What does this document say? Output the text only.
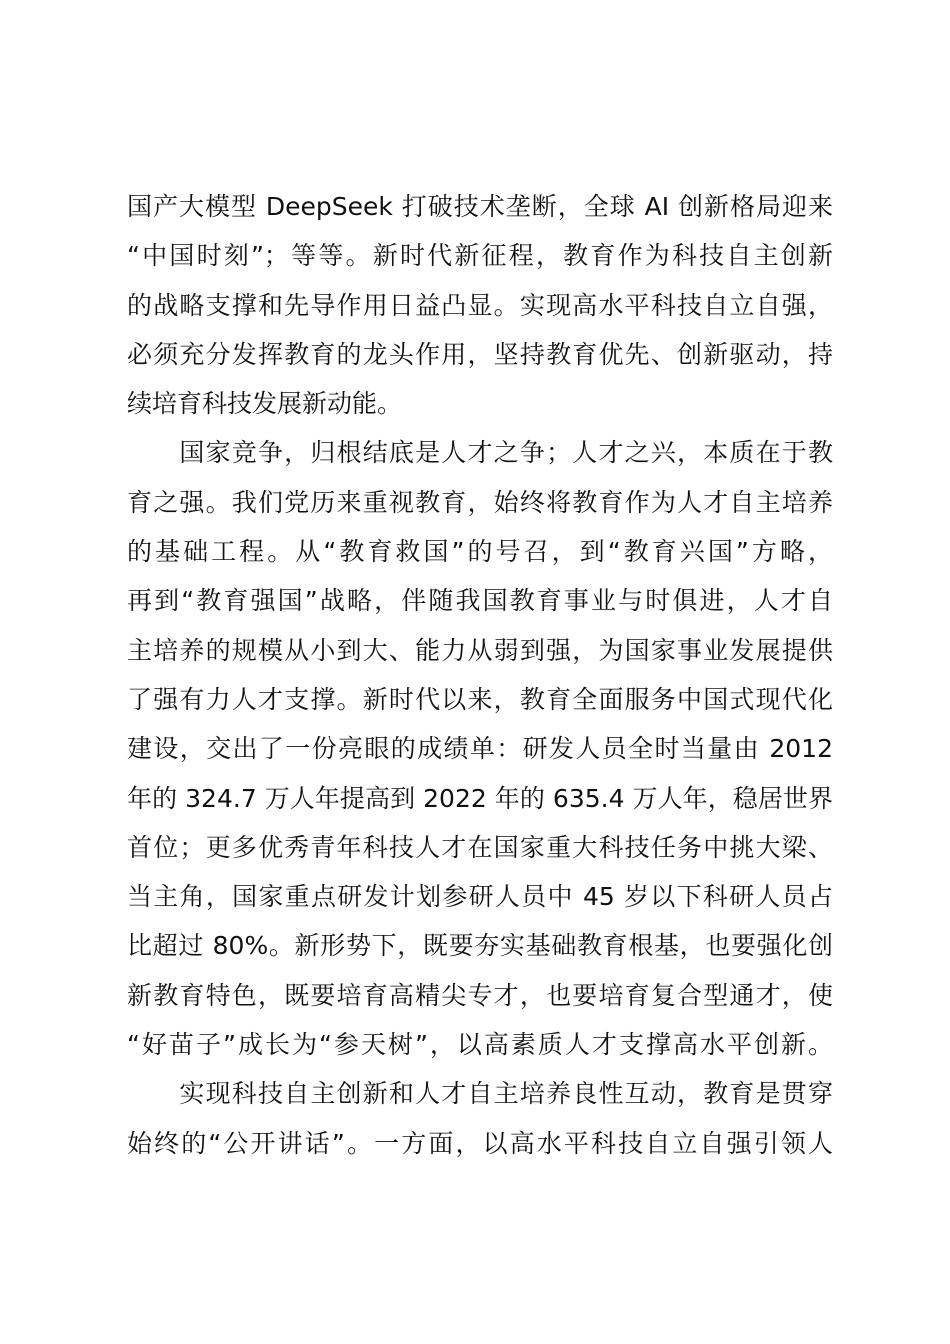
国产大模型 DeepSeek 打破技术垄断，全球 AI 创新格局迎来
“中国时刻”；等等。新时代新征程，教育作为科技自主创新
的战略支撑和先导作用日益凸显。实现高水平科技自立自强，
必须充分发挥教育的龙头作用，坚持教育优先、创新驱动，持
续培育科技发展新动能。
　　国家竞争，归根结底是人才之争；人才之兴，本质在于教
育之强。我们党历来重视教育，始终将教育作为人才自主培养
的基础工程。从“教育救国”的号召，到“教育兴国”方略，
再到“教育强国”战略，伴随我国教育事业与时俱进，人才自
主培养的规模从小到大、能力从弱到强，为国家事业发展提供
了强有力人才支撑。新时代以来，教育全面服务中国式现代化
建设，交出了一份亮眼的成绩单：研发人员全时当量由 2012
年的 324.7 万人年提高到 2022 年的 635.4 万人年，稳居世界
首位；更多优秀青年科技人才在国家重大科技任务中挑大梁、
当主角，国家重点研发计划参研人员中 45 岁以下科研人员占
比超过 80%。新形势下，既要夯实基础教育根基，也要强化创
新教育特色，既要培育高精尖专才，也要培育复合型通才，使
“好苗子”成长为“参天树”，以高素质人才支撑高水平创新。
　　实现科技自主创新和人才自主培养良性互动，教育是贯穿
始终的“公开讲话”。一方面，以高水平科技自立自强引领人
